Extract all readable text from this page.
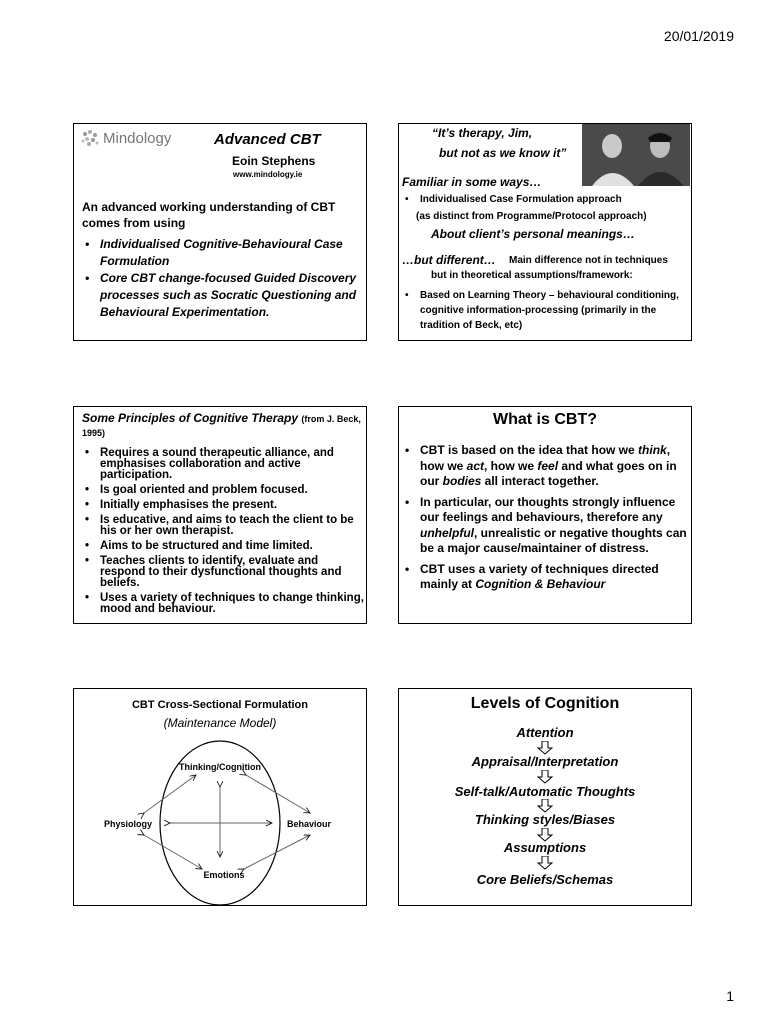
20/01/2019
Mindology	Advanced CBT
Eoin Stephens
www.mindology.ie
An advanced working understanding of CBT comes from using
• Individualised Cognitive-Behavioural Case Formulation
• Core CBT change-focused Guided Discovery processes such as Socratic Questioning and Behavioural Experimentation.
“It’s therapy, Jim,
but not as we know it”
Familiar in some ways…
• Individualised Case Formulation approach
(as distinct from Programme/Protocol approach)
About client’s personal meanings…
…but different… Main difference not in techniques
but in theoretical assumptions/framework:
• Based on Learning Theory – behavioural conditioning, cognitive information-processing (primarily in the tradition of Beck, etc)
Some Principles of Cognitive Therapy (from J. Beck, 1995)
• Requires a sound therapeutic alliance, and emphasises collaboration and active participation.
• Is goal oriented and problem focused.
• Initially emphasises the present.
• Is educative, and aims to teach the client to be his or her own therapist.
• Aims to be structured and time limited.
• Teaches clients to identify, evaluate and respond to their dysfunctional thoughts and beliefs.
• Uses a variety of techniques to change thinking, mood and behaviour.
What is CBT?
• CBT is based on the idea that how we think, how we act, how we feel and what goes on in our bodies all interact together.
• In particular, our thoughts strongly influence our feelings and behaviours, therefore any unhelpful, unrealistic or negative thoughts can be a major cause/maintainer of distress.
• CBT uses a variety of techniques directed mainly at Cognition & Behaviour
CBT Cross-Sectional Formulation
(Maintenance Model)
Thinking/Cognition
Physiology	Behaviour
Emotions
Levels of Cognition
Attention
Appraisal/Interpretation
Self-talk/Automatic Thoughts
Thinking styles/Biases
Assumptions
Core Beliefs/Schemas
1
